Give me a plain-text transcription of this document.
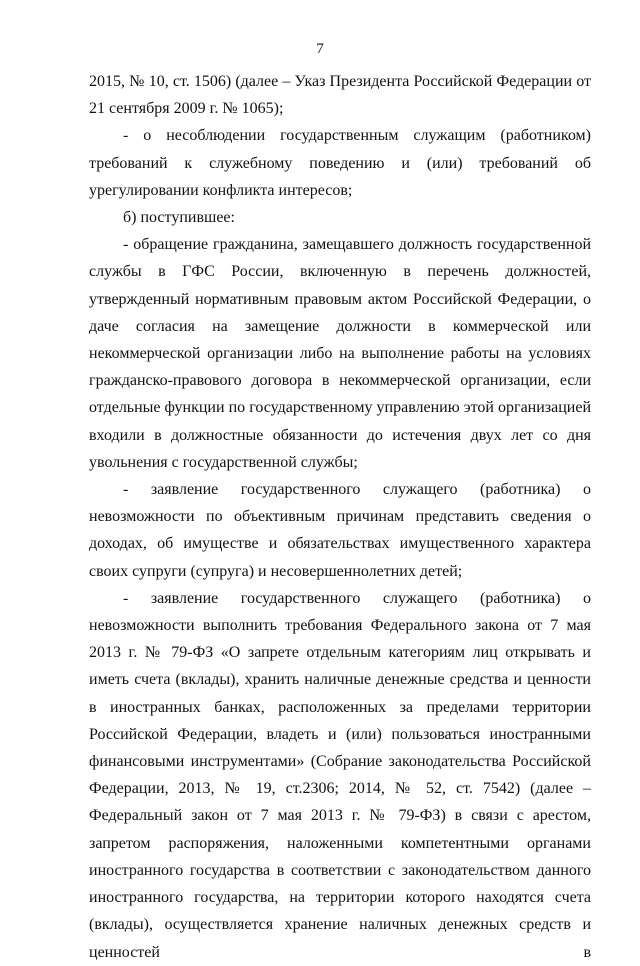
7

2015, № 10, ст. 1506) (далее – Указ Президента Российской Федерации от 21 сентября 2009 г. № 1065);

- о несоблюдении государственным служащим (работником) требований к служебному поведению и (или) требований об урегулировании конфликта интересов;

б) поступившее:

- обращение гражданина, замещавшего должность государственной службы в ГФС России, включенную в перечень должностей, утвержденный нормативным правовым актом Российской Федерации, о даче согласия на замещение должности в коммерческой или некоммерческой организации либо на выполнение работы на условиях гражданско-правового договора в некоммерческой организации, если отдельные функции по государственному управлению этой организацией входили в должностные обязанности до истечения двух лет со дня увольнения с государственной службы;

- заявление государственного служащего (работника) о невозможности по объективным причинам представить сведения о доходах, об имуществе и обязательствах имущественного характера своих супруги (супруга) и несовершеннолетних детей;

- заявление государственного служащего (работника) о невозможности выполнить требования Федерального закона от 7 мая 2013 г. № 79-ФЗ «О запрете отдельным категориям лиц открывать и иметь счета (вклады), хранить наличные денежные средства и ценности в иностранных банках, расположенных за пределами территории Российской Федерации, владеть и (или) пользоваться иностранными финансовыми инструментами» (Собрание законодательства Российской Федерации, 2013, № 19, ст.2306; 2014, № 52, ст. 7542) (далее – Федеральный закон от 7 мая 2013 г. № 79-ФЗ) в связи с арестом, запретом распоряжения, наложенными компетентными органами иностранного государства в соответствии с законодательством данного иностранного государства, на территории которого находятся счета (вклады), осуществляется хранение наличных денежных средств и ценностей в
